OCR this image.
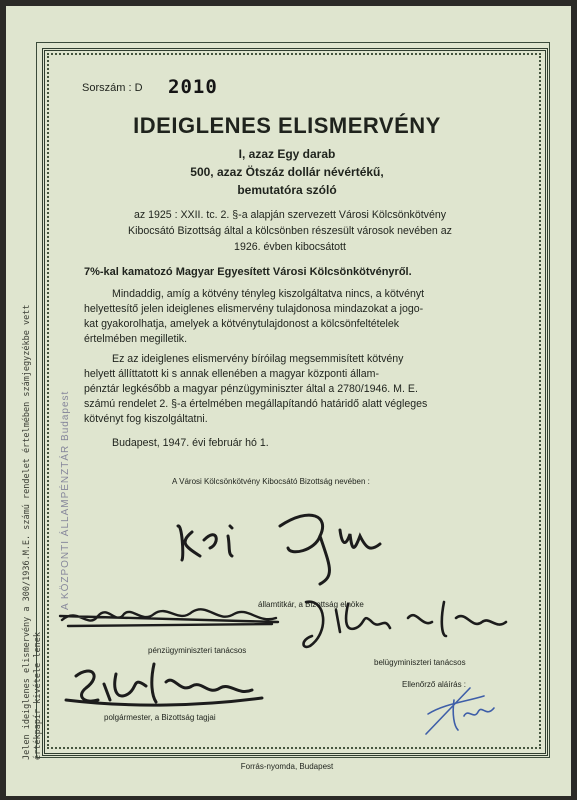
Jelen ideiglenes elismervény a 300/1936.M.E. számú rendelet értelmében számjegyzékbe vett értékpapír kivétele lenek
A KÖZPONTI ÁLLAMPÉNZTÁR Budapest
Sorszám : D 2010
IDEIGLENES ELISMERVÉNY
I, azaz Egy darab
500, azaz Ötszáz dollár névértékű,
bemutatóra szóló
az 1925 : XXII. tc. 2. §-a alapján szervezett Városi Kölcsönkötvény
Kibocsátó Bizottság által a kölcsönben részesült városok nevében az
1926. évben kibocsátott
7%-kal kamatozó Magyar Egyesített Városi Kölcsönkötvényről.
Mindaddig, amíg a kötvény tényleg kiszolgáltatva nincs, a kötvényt
helyettesítő jelen ideiglenes elismervény tulajdonosa mindazokat a jogo-
kat gyakorolhatja, amelyek a kötvénytulajdonost a kölcsönfeltételek
értelmében megilletik.
Ez az ideiglenes elismervény bíróilag megsemmisített kötvény
helyett állíttatott ki s annak ellenében a magyar központi állam-
pénztár legkésőbb a magyar pénzügyminiszter által a 2780/1946. M. E.
számú rendelet 2. §-a értelmében megállapítandó határidő alatt végleges
kötvényt fog kiszolgáltatni.
Budapest, 1947. évi február hó 1.
A Városi Kölcsönkötvény Kibocsátó Bizottság nevében :
államtitkár, a Bizottság elnöke
pénzügyminiszteri tanácsos
belügyminiszteri tanácsos
Ellenőrző aláírás :
polgármester, a Bizottság tagjai
Forrás-nyomda, Budapest
